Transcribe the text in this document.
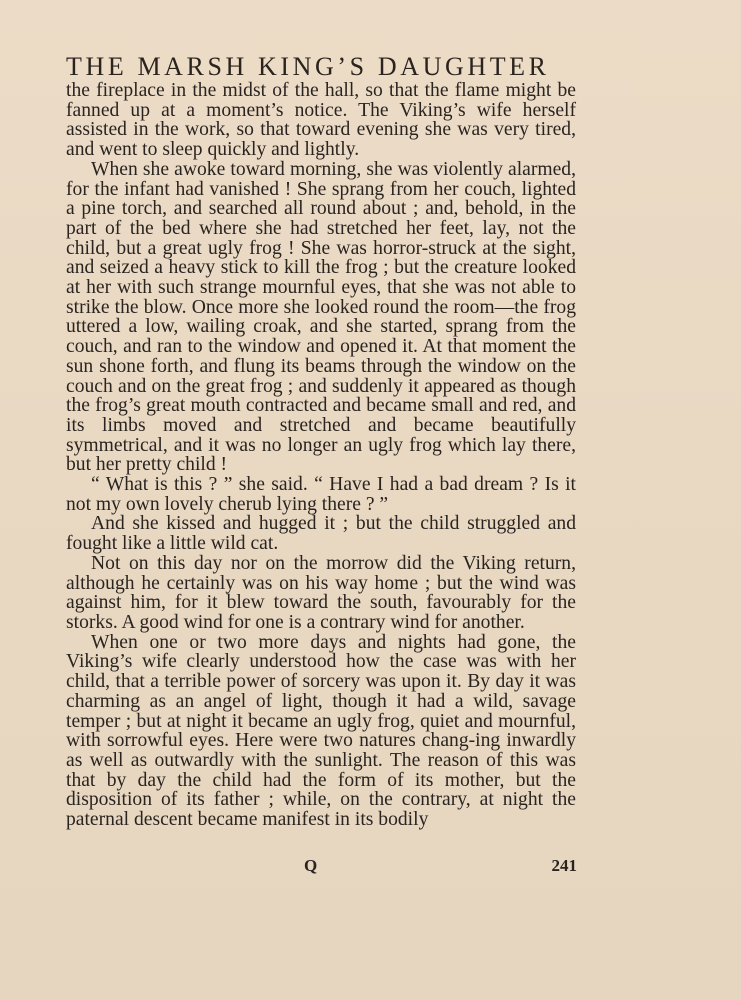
THE MARSH KING’S DAUGHTER

the fireplace in the midst of the hall, so that the flame might be fanned up at a moment’s notice. The Viking’s wife herself assisted in the work, so that toward evening she was very tired, and went to sleep quickly and lightly.

When she awoke toward morning, she was violently alarmed, for the infant had vanished ! She sprang from her couch, lighted a pine torch, and searched all round about ; and, behold, in the part of the bed where she had stretched her feet, lay, not the child, but a great ugly frog ! She was horror-struck at the sight, and seized a heavy stick to kill the frog ; but the creature looked at her with such strange mournful eyes, that she was not able to strike the blow. Once more she looked round the room—the frog uttered a low, wailing croak, and she started, sprang from the couch, and ran to the window and opened it. At that moment the sun shone forth, and flung its beams through the window on the couch and on the great frog ; and suddenly it appeared as though the frog’s great mouth contracted and became small and red, and its limbs moved and stretched and became beautifully symmetrical, and it was no longer an ugly frog which lay there, but her pretty child !

“ What is this ? ” she said. “ Have I had a bad dream ? Is it not my own lovely cherub lying there ? ”

And she kissed and hugged it ; but the child struggled and fought like a little wild cat.

Not on this day nor on the morrow did the Viking return, although he certainly was on his way home ; but the wind was against him, for it blew toward the south, favourably for the storks. A good wind for one is a contrary wind for another.

When one or two more days and nights had gone, the Viking’s wife clearly understood how the case was with her child, that a terrible power of sorcery was upon it. By day it was charming as an angel of light, though it had a wild, savage temper ; but at night it became an ugly frog, quiet and mournful, with sorrowful eyes. Here were two natures chang-ing inwardly as well as outwardly with the sunlight. The reason of this was that by day the child had the form of its mother, but the disposition of its father ; while, on the contrary, at night the paternal descent became manifest in its bodily

Q	241
